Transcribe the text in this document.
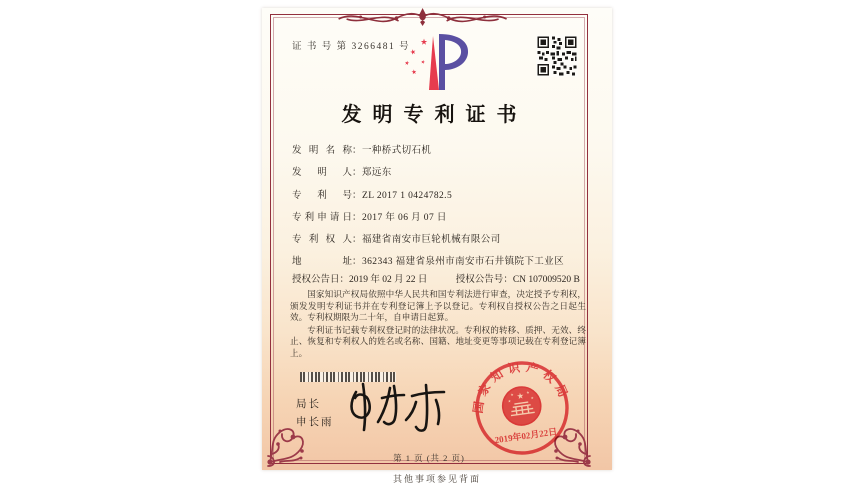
证 书 号 第 3266481 号
发明专利证书
发 明 名 称：一种桥式切石机
发 明 人：郑远东
专 利 号：ZL 2017 1 0424782.5
专利申请日：2017 年 06 月 07 日
专 利 权 人：福建省南安市巨轮机械有限公司
地 址：362343 福建省泉州市南安市石井镇院下工业区
授权公告日：2019 年 02 月 22 日	授权公告号：CN 107009520 B

国家知识产权局依照中华人民共和国专利法进行审查，决定授予专利权，颁发发明专利证书并在专利登记簿上予以登记。专利权自授权公告之日起生效。专利权期限为二十年，自申请日起算。

专利证书记载专利权登记时的法律状况。专利权的转移、质押、无效、终止、恢复和专利权人的姓名或名称、国籍、地址变更等事项记载在专利登记簿上。

局长
申长雨
国家知识产权局
2019年02月22日
第 1 页 (共 2 页)
其他事项参见背面
